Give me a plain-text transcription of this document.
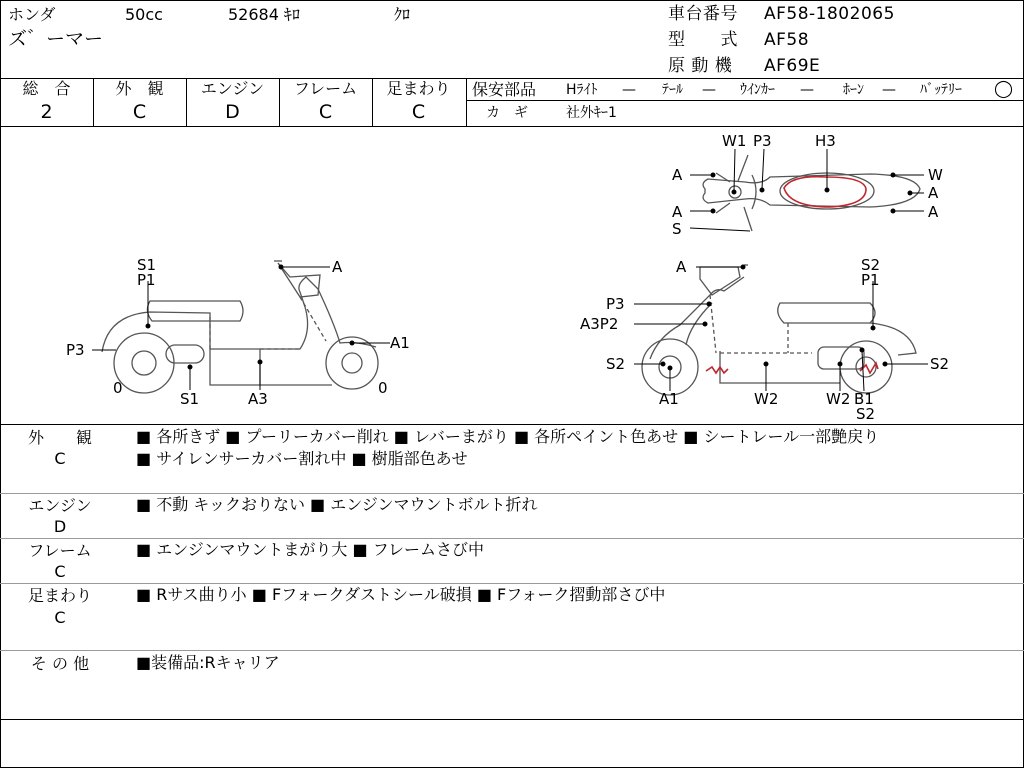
ホンダ	50cc	52684 ｷﾛ	ｸﾛ
ズ゛ーマー
車台番号 AF58-1802065
型　　式 AF58
原 動 機 AF69E
総　合
2
外　観
C
エンジン
D
フレーム
C
足まわり
C
保安部品 Hﾗｲﾄ — ﾃｰﾙ — ｳｲﾝｶｰ — ﾎｰﾝ — ﾊﾞｯﾃﾘｰ ◯
カ　ギ	社外ｷｰ1
W1 P3	H3
A
A
S
W
A
A
S1
P1
A
P3	A1
0
S1	A3
0
A	S2
P1
P3
A3P2
S2	S2
A1	W2	W2 B1
S2
外　　観
C
■ 各所きず ■ プーリーカバー削れ ■ レバーまがり ■ 各所ペイント色あせ ■ シートレール一部艶戻り
■ サイレンサーカバー割れ中 ■ 樹脂部色あせ
エンジン
D
■ 不動 キックおりない ■ エンジンマウントボルト折れ
フレーム
C
■ エンジンマウントまがり大 ■ フレームさび中
足まわり
C
■ Rサス曲り小 ■ Fフォークダストシール破損 ■ Fフォーク摺動部さび中
そ の 他	■装備品:Rキャリア
